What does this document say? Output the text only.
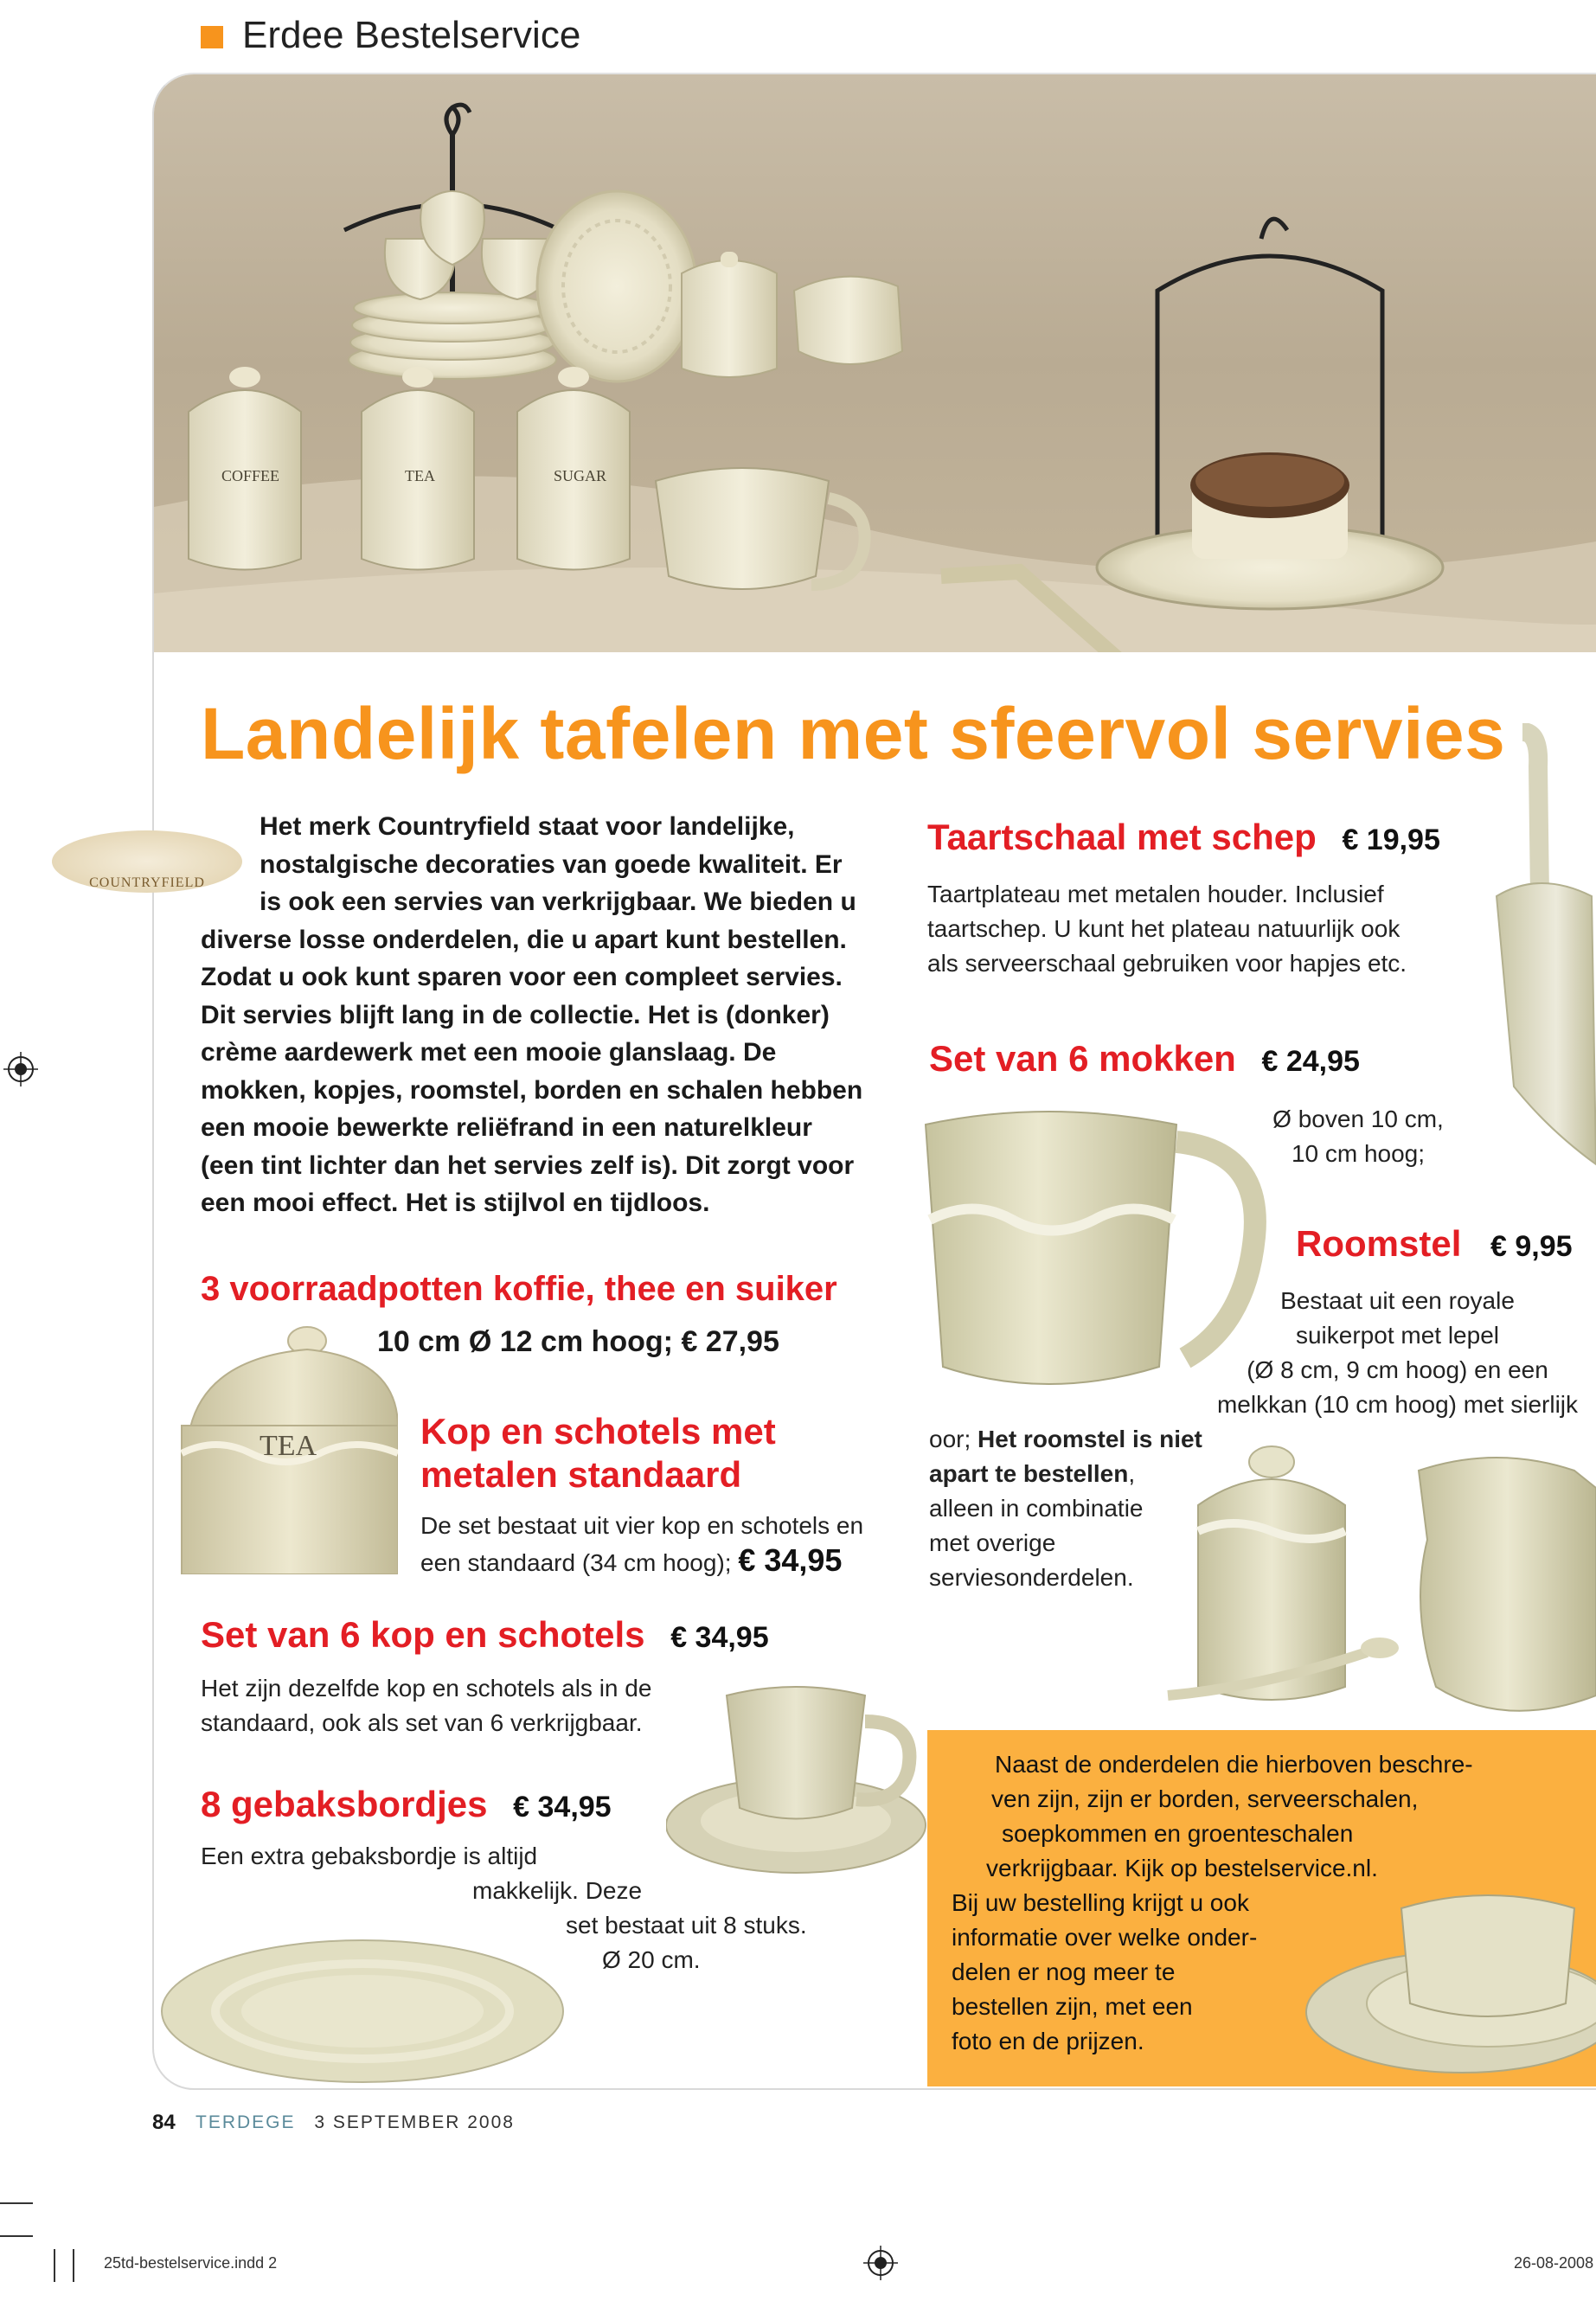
Erdee Bestelservice
COFFEE	TEA	SUGAR
Landelijk tafelen met sfeervol servies
COUNTRYFIELD
Het merk Countryfield staat voor landelijke,
nostalgische decoraties van goede kwaliteit. Er
is ook een servies van verkrijgbaar. We bieden u
diverse losse onderdelen, die u apart kunt bestellen.
Zodat u ook kunt sparen voor een compleet servies.
Dit servies blijft lang in de collectie. Het is (donker)
crème aardewerk met een mooie glanslaag. De
mokken, kopjes, roomstel, borden en schalen hebben
een mooie bewerkte reliëfrand in een naturelkleur
(een tint lichter dan het servies zelf is). Dit zorgt voor
een mooi effect. Het is stijlvol en tijdloos.
3 voorraadpotten koffie, thee en suiker
10 cm Ø 12 cm hoog; € 27,95
TEA	Kop en schotels met
metalen standaard
De set bestaat uit vier kop en schotels en
een standaard (34 cm hoog); € 34,95
Set van 6 kop en schotels € 34,95
Het zijn dezelfde kop en schotels als in de
standaard, ook als set van 6 verkrijgbaar.
8 gebaksbordjes € 34,95
Een extra gebaksbordje is altijd
makkelijk. Deze
set bestaat uit 8 stuks.
Ø 20 cm.
Taartschaal met schep € 19,95
Taartplateau met metalen houder. Inclusief
taartschep. U kunt het plateau natuurlijk ook
als serveerschaal gebruiken voor hapjes etc.
Set van 6 mokken € 24,95
Ø boven 10 cm,
10 cm hoog;
Roomstel € 9,95
Bestaat uit een royale
suikerpot met lepel
(Ø 8 cm, 9 cm hoog) en een
melkkan (10 cm hoog) met sierlijk
oor; Het roomstel is niet
apart te bestellen,
alleen in combinatie
met overige
serviesonderdelen.
Naast de onderdelen die hierboven beschre-
ven zijn, zijn er borden, serveerschalen,
soepkommen en groenteschalen
verkrijgbaar. Kijk op bestelservice.nl.
Bij uw bestelling krijgt u ook
informatie over welke onder-
delen er nog meer te
bestellen zijn, met een
foto en de prijzen.
84 TERDEGE 3 SEPTEMBER 2008
25td-bestelservice.indd 2	26-08-2008
